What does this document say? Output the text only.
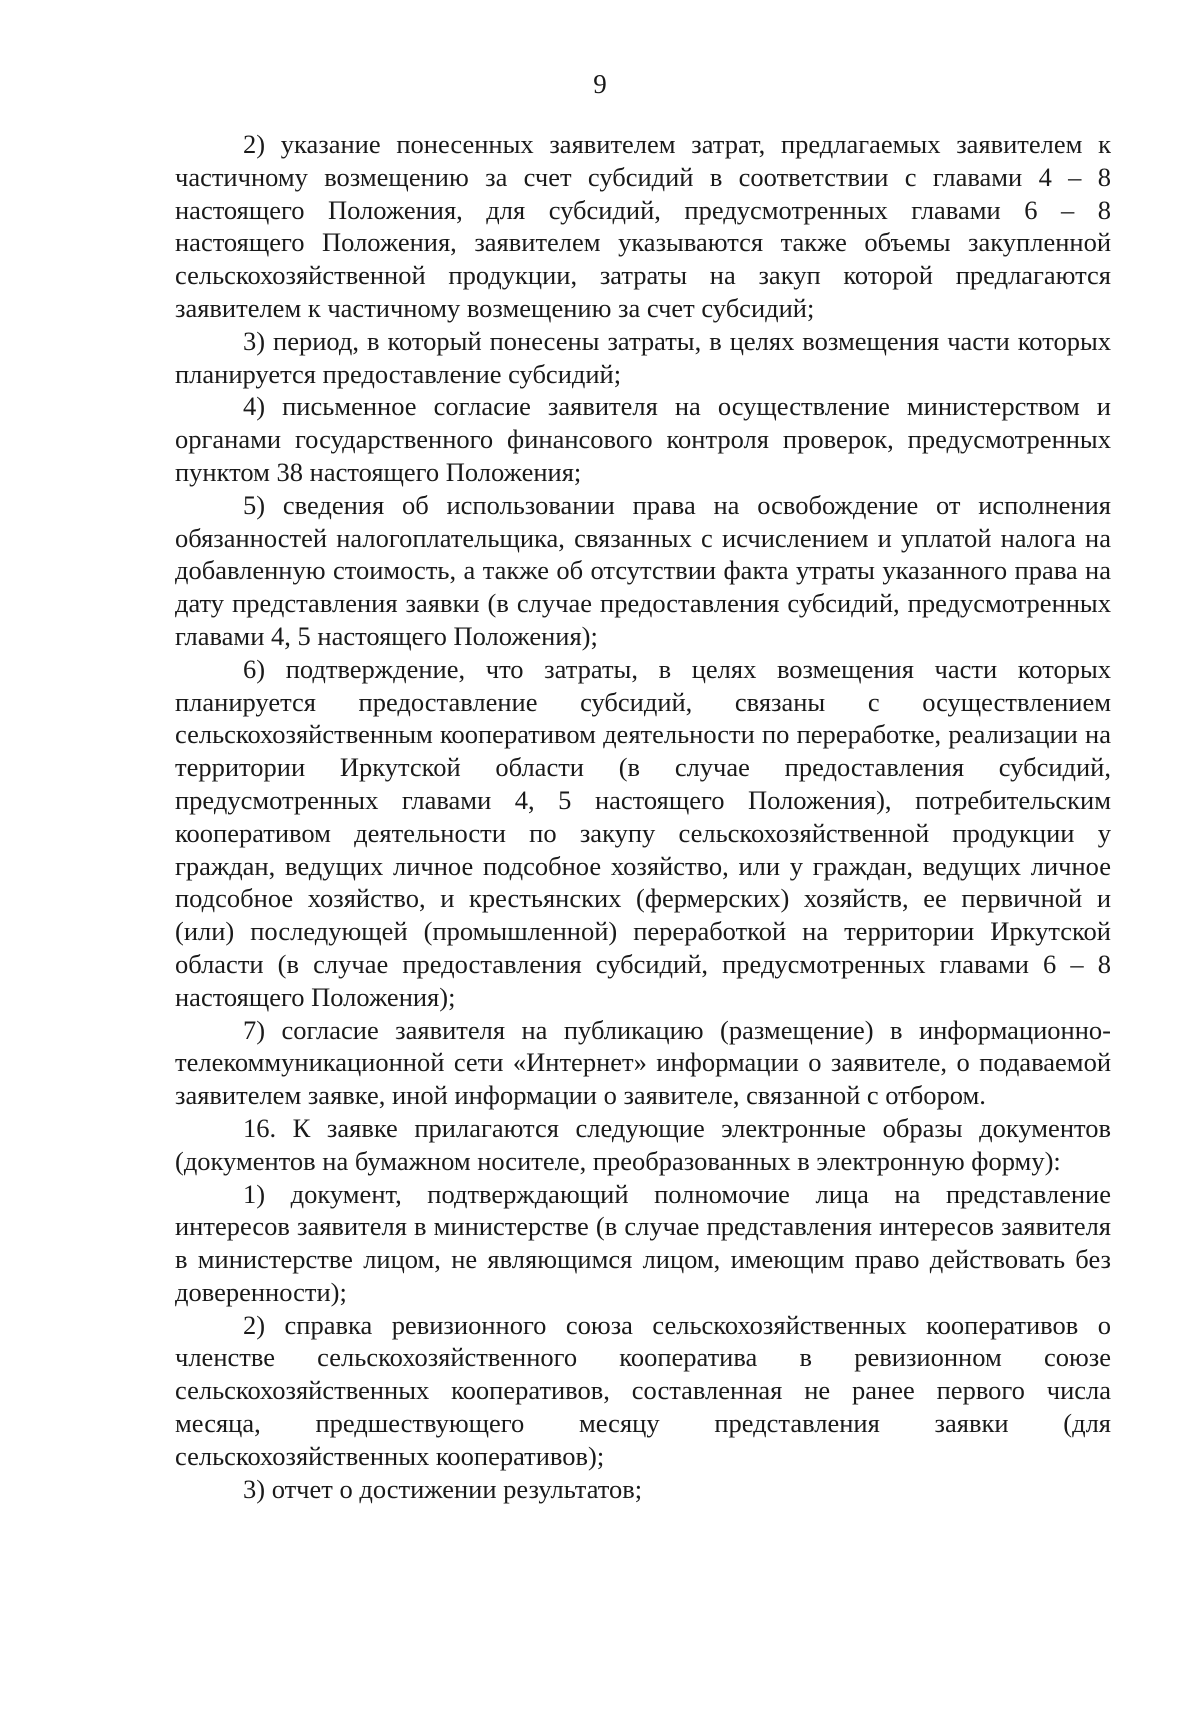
9

2) указание понесенных заявителем затрат, предлагаемых заявителем к частичному возмещению за счет субсидий в соответствии с главами 4 – 8 настоящего Положения, для субсидий, предусмотренных главами 6 – 8 настоящего Положения, заявителем указываются также объемы закупленной сельскохозяйственной продукции, затраты на закуп которой предлагаются заявителем к частичному возмещению за счет субсидий;

3) период, в который понесены затраты, в целях возмещения части которых планируется предоставление субсидий;

4) письменное согласие заявителя на осуществление министерством и органами государственного финансового контроля проверок, предусмотренных пунктом 38 настоящего Положения;

5) сведения об использовании права на освобождение от исполнения обязанностей налогоплательщика, связанных с исчислением и уплатой налога на добавленную стоимость, а также об отсутствии факта утраты указанного права на дату представления заявки (в случае предоставления субсидий, предусмотренных главами 4, 5 настоящего Положения);

6) подтверждение, что затраты, в целях возмещения части которых планируется предоставление субсидий, связаны с осуществлением сельскохозяйственным кооперативом деятельности по переработке, реализации на территории Иркутской области (в случае предоставления субсидий, предусмотренных главами 4, 5 настоящего Положения), потребительским кооперативом деятельности по закупу сельскохозяйственной продукции у граждан, ведущих личное подсобное хозяйство, или у граждан, ведущих личное подсобное хозяйство, и крестьянских (фермерских) хозяйств, ее первичной и (или) последующей (промышленной) переработкой на территории Иркутской области (в случае предоставления субсидий, предусмотренных главами 6 – 8 настоящего Положения);

7) согласие заявителя на публикацию (размещение) в информационно-телекоммуникационной сети «Интернет» информации о заявителе, о подаваемой заявителем заявке, иной информации о заявителе, связанной с отбором.

16. К заявке прилагаются следующие электронные образы документов (документов на бумажном носителе, преобразованных в электронную форму):

1) документ, подтверждающий полномочие лица на представление интересов заявителя в министерстве (в случае представления интересов заявителя в министерстве лицом, не являющимся лицом, имеющим право действовать без доверенности);

2) справка ревизионного союза сельскохозяйственных кооперативов о членстве сельскохозяйственного кооператива в ревизионном союзе сельскохозяйственных кооперативов, составленная не ранее первого числа месяца, предшествующего месяцу представления заявки (для сельскохозяйственных кооперативов);

3) отчет о достижении результатов;
